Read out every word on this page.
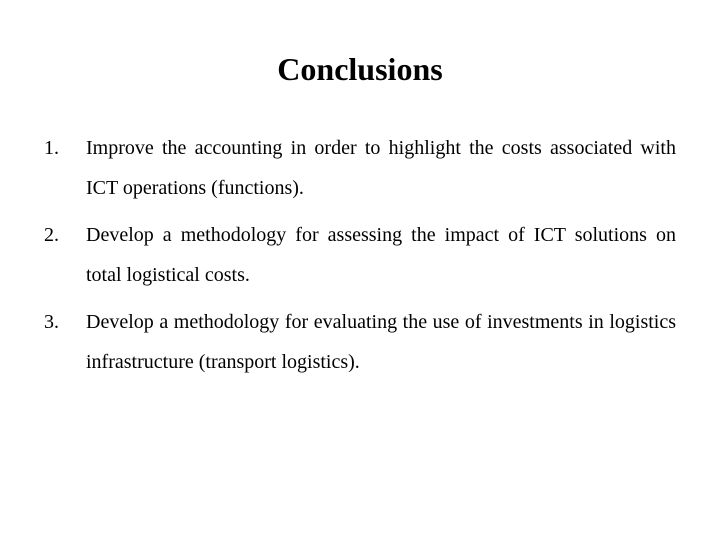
Conclusions
1.	Improve the accounting in order to highlight the costs associated with ICT operations (functions).
2.	Develop a methodology for assessing the impact of ICT solutions on total logistical costs.
3.	Develop a methodology for evaluating the use of investments in logistics infrastructure (transport logistics).
